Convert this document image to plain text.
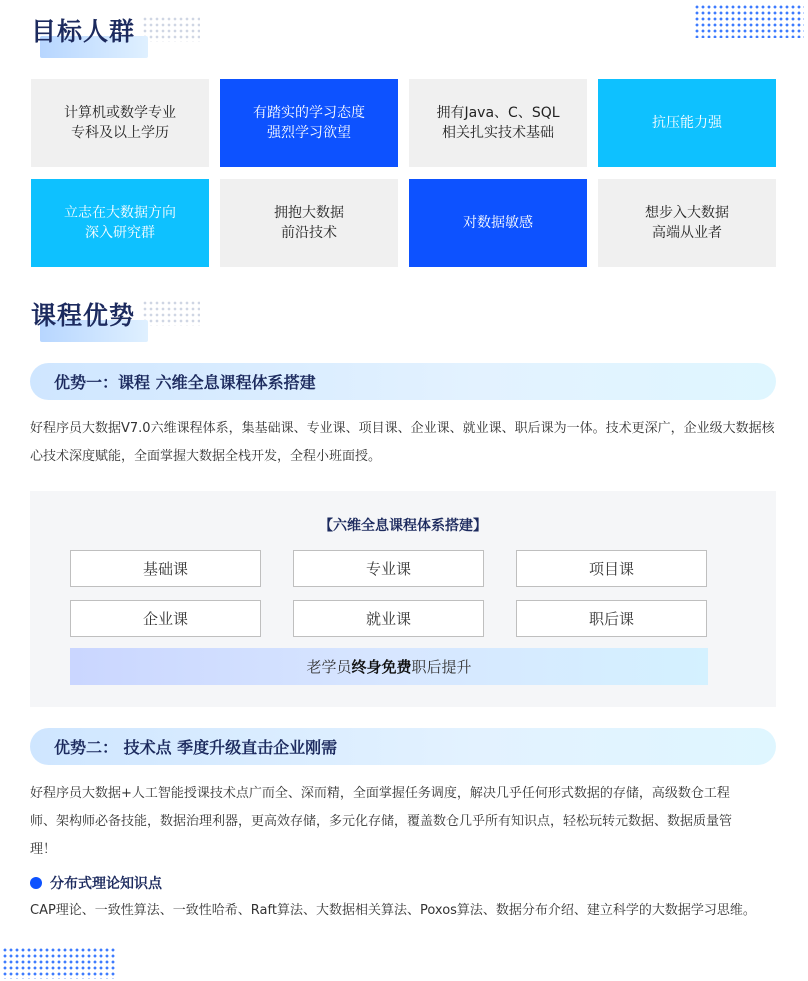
目标人群
计算机或数学专业
专科及以上学历
有踏实的学习态度
强烈学习欲望
拥有Java、C、SQL
相关扎实技术基础
抗压能力强
立志在大数据方向
深入研究群
拥抱大数据
前沿技术
对数据敏感
想步入大数据
高端从业者
课程优势
优势一：课程 六维全息课程体系搭建
好程序员大数据V7.0六维课程体系，集基础课、专业课、项目课、企业课、就业课、职后课为一体。技术更深广，企业级大数据核心技术深度赋能，全面掌握大数据全栈开发，全程小班面授。
【六维全息课程体系搭建】
基础课	专业课	项目课
企业课	就业课	职后课
老学员 终身免费 职后提升
优势二： 技术点 季度升级直击企业刚需
好程序员大数据+人工智能授课技术点广而全、深而精，全面掌握任务调度，解决几乎任何形式数据的存储，高级数仓工程师、架构师必备技能，数据治理利器，更高效存储，多元化存储，覆盖数仓几乎所有知识点，轻松玩转元数据、数据质量管理！
分布式理论知识点
CAP理论、一致性算法、一致性哈希、Raft算法、大数据相关算法、Poxos算法、数据分布介绍、建立科学的大数据学习思维。
